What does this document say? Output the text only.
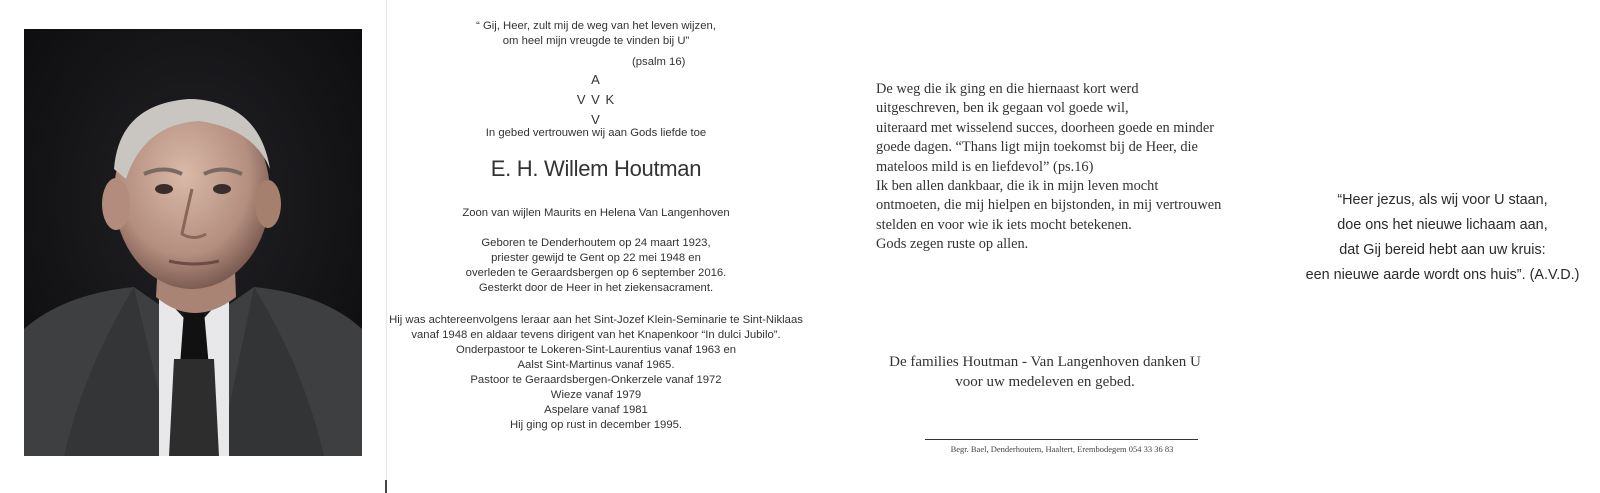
“ Gij, Heer, zult mij de weg van het leven wijzen,
om heel mijn vreugde te vinden bij U”
(psalm 16)
A
V V K
V
In gebed vertrouwen wij aan Gods liefde toe
E. H. Willem Houtman
Zoon van wijlen Maurits en Helena Van Langenhoven
Geboren te Denderhoutem op 24 maart 1923,
priester gewijd te Gent op 22 mei 1948 en
overleden te Geraardsbergen op 6 september 2016.
Gesterkt door de Heer in het ziekensacrament.
Hij was achtereenvolgens leraar aan het Sint-Jozef Klein-Seminarie te Sint-Niklaas
vanaf 1948 en aldaar tevens dirigent van het Knapenkoor “In dulci Jubilo”.
Onderpastoor te Lokeren-Sint-Laurentius vanaf 1963 en
Aalst Sint-Martinus vanaf 1965.
Pastoor te Geraardsbergen-Onkerzele vanaf 1972
Wieze vanaf 1979
Aspelare vanaf 1981
Hij ging op rust in december 1995.
De weg die ik ging en die hiernaast kort werd
uitgeschreven, ben ik gegaan vol goede wil,
uiteraard met wisselend succes, doorheen goede en minder
goede dagen. “Thans ligt mijn toekomst bij de Heer, die
mateloos mild is en liefdevol” (ps.16)
Ik ben allen dankbaar, die ik in mijn leven mocht
ontmoeten, die mij hielpen en bijstonden, in mij vertrouwen
stelden en voor wie ik iets mocht betekenen.
Gods zegen ruste op allen.
De families Houtman - Van Langenhoven danken U
voor uw medeleven en gebed.
Begr. Bael, Denderhoutem, Haaltert, Erembodegem 054 33 36 83
“Heer jezus, als wij voor U staan,
doe ons het nieuwe lichaam aan,
dat Gij bereid hebt aan uw kruis:
een nieuwe aarde wordt ons huis”. (A.V.D.)
